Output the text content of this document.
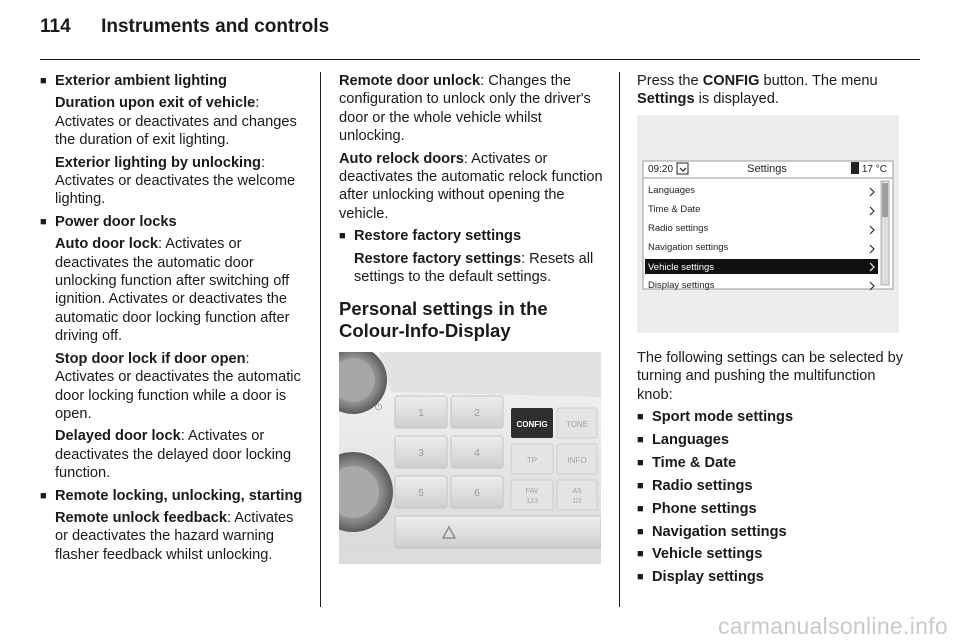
114 Instruments and controls
■ Exterior ambient lighting
Duration upon exit of vehicle: Activates or deactivates and changes the duration of exit lighting.
Exterior lighting by unlocking: Activates or deactivates the welcome lighting.
■ Power door locks
Auto door lock: Activates or deactivates the automatic door unlocking function after switching off ignition. Activates or deactivates the automatic door locking function after driving off.
Stop door lock if door open: Activates or deactivates the automatic door locking function while a door is open.
Delayed door lock: Activates or deactivates the delayed door locking function.
■ Remote locking, unlocking, starting
Remote unlock feedback: Activates or deactivates the hazard warning flasher feedback whilst unlocking.
Remote door unlock: Changes the configuration to unlock only the driver's door or the whole vehicle whilst unlocking.
Auto relock doors: Activates or deactivates the automatic relock function after unlocking without opening the vehicle.
■ Restore factory settings
Restore factory settings: Resets all settings to the default settings.
Personal settings in the Colour-Info-Display
⏻
1	2
3	4
5	6
CONFIG TONE
TP	INFO
FAV
123
AS
1/2
Press the CONFIG button. The menu Settings is displayed.
09:20	Settings	17 °C
Languages
Time & Date
Radio settings
Navigation settings
Vehicle settings
Display settings
The following settings can be selected by turning and pushing the multifunction knob:
■ Sport mode settings
■ Languages
■ Time & Date
■ Radio settings
■ Phone settings
■ Navigation settings
■ Vehicle settings
■ Display settings
carmanualsonline.info
